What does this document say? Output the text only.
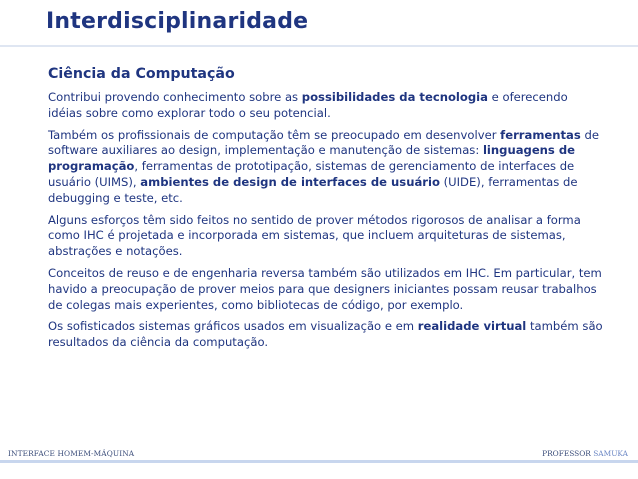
Interdisciplinaridade
Ciência da Computação

Contribui provendo conhecimento sobre as possibilidades da tecnologia e oferecendo idéias sobre como explorar todo o seu potencial.

Também os profissionais de computação têm se preocupado em desenvolver ferramentas de software auxiliares ao design, implementação e manutenção de sistemas: linguagens de programação, ferramentas de prototipação, sistemas de gerenciamento de interfaces de usuário (UIMS), ambientes de design de interfaces de usuário (UIDE), ferramentas de debugging e teste, etc.

Alguns esforços têm sido feitos no sentido de prover métodos rigorosos de analisar a forma como IHC é projetada e incorporada em sistemas, que incluem arquiteturas de sistemas, abstrações e notações.

Conceitos de reuso e de engenharia reversa também são utilizados em IHC. Em particular, tem havido a preocupação de prover meios para que designers iniciantes possam reusar trabalhos de colegas mais experientes, como bibliotecas de código, por exemplo.

Os sofisticados sistemas gráficos usados em visualização e em realidade virtual também são resultados da ciência da computação.

INTERFACE HOMEM-MÁQUINA	PROFESSOR SAMUKA
